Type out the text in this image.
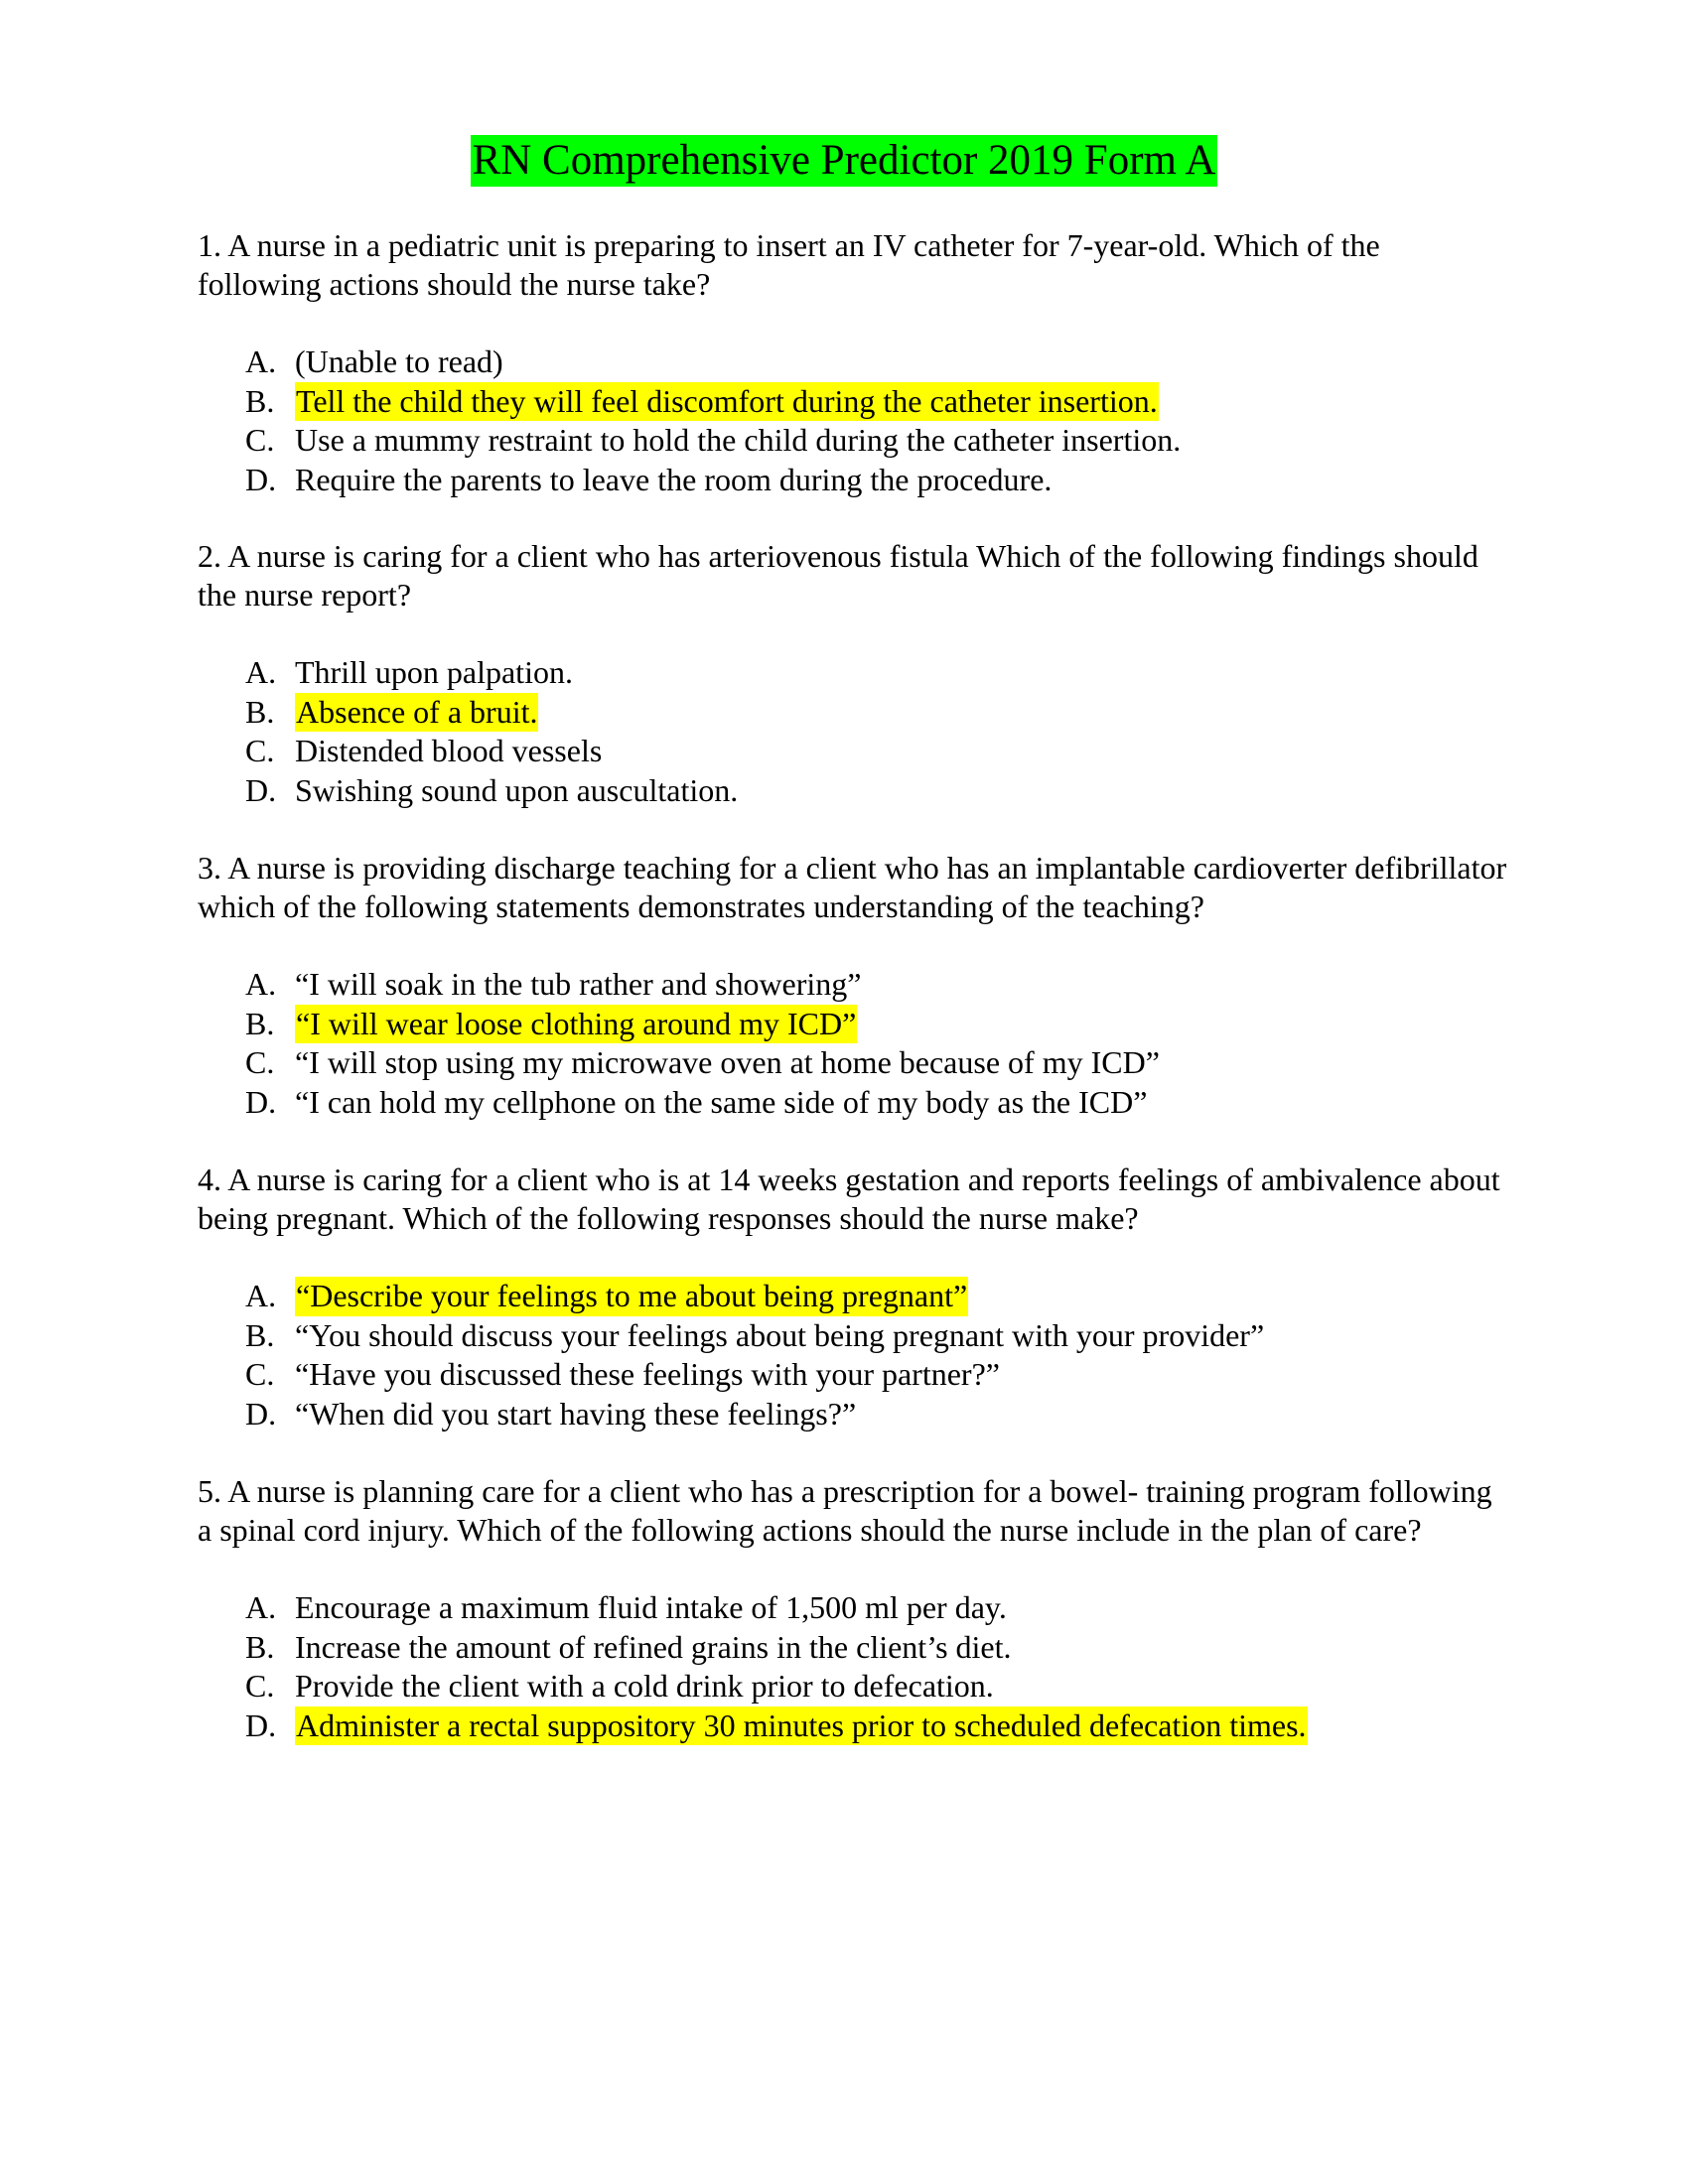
RN Comprehensive Predictor 2019 Form A

1. A nurse in a pediatric unit is preparing to insert an IV catheter for 7-year-old. Which of the following actions should the nurse take?

A. (Unable to read)
B. Tell the child they will feel discomfort during the catheter insertion.
C. Use a mummy restraint to hold the child during the catheter insertion.
D. Require the parents to leave the room during the procedure.

2. A nurse is caring for a client who has arteriovenous fistula Which of the following findings should the nurse report?

A. Thrill upon palpation.
B. Absence of a bruit.
C. Distended blood vessels
D. Swishing sound upon auscultation.

3. A nurse is providing discharge teaching for a client who has an implantable cardioverter defibrillator which of the following statements demonstrates understanding of the teaching?

A. “I will soak in the tub rather and showering”
B. “I will wear loose clothing around my ICD”
C. “I will stop using my microwave oven at home because of my ICD”
D. “I can hold my cellphone on the same side of my body as the ICD”

4. A nurse is caring for a client who is at 14 weeks gestation and reports feelings of ambivalence about being pregnant. Which of the following responses should the nurse make?

A. “Describe your feelings to me about being pregnant”
B. “You should discuss your feelings about being pregnant with your provider”
C. “Have you discussed these feelings with your partner?”
D. “When did you start having these feelings?”

5. A nurse is planning care for a client who has a prescription for a bowel- training program following a spinal cord injury. Which of the following actions should the nurse include in the plan of care?

A. Encourage a maximum fluid intake of 1,500 ml per day.
B. Increase the amount of refined grains in the client’s diet.
C. Provide the client with a cold drink prior to defecation.
D. Administer a rectal suppository 30 minutes prior to scheduled defecation times.
